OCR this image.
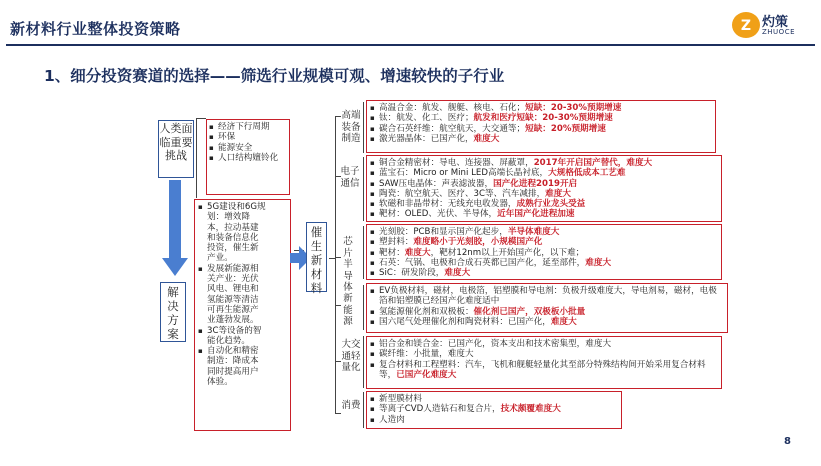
新材料行业整体投资策略	Z 灼策
ZHUOCE
1、细分投资赛道的选择——筛选行业规模可观、增速较快的子行业
人类面临重要挑战
▪ 经济下行周期
▪ 环保
▪ 能源安全
▪ 人口结构嬗铃化
解决方案
▪ 5G建设和6G规划：增效降本，拉动基建和装备信息化投资，催生新产业。
▪ 发展新能源相关产业：光伏风电、锂电和氢能源等清洁可再生能源产业蓬勃发展。
▪ 3C等设备的智能化趋势。
▪ 自动化和精密制造：降成本同时提高用户体验。
催生新材料
高端装备制造
电子通信
芯片半导体
新能源
大交通轻量化
消费
▪ 高温合金：航发、舰艇、核电、石化；短缺：20-30%预期增速
▪ 钛：航发、化工、医疗；航发和医疗短缺：20-30%预期增速
▪ 碳合石英纤维：航空航天，大交通等；短缺：20%预期增速
▪ 激光器晶体：已国产化，难度大
▪ 铜合金精密材：导电、连接器、屏蔽罩，2017年开启国产替代，难度大
▪ 蓝宝石：Micro or Mini LED高端长晶衬底，大规格低成本工艺难
▪ SAW压电晶体：声表滤波器，国产化进程2019开启
▪ 陶瓷：航空航天、医疗、3C等、汽车减排，难度大
▪ 软磁和非晶带材：无线充电收发器，成熟行业龙头受益
▪ 靶材：OLED、光伏、半导体，近年国产化进程加速
▪ 光刻胶：PCB和显示国产化起步，半导体难度大
▪ 塑封料：难度略小于光刻胶，小规模国产化
▪ 靶材：难度大，靶材12nm以上开始国产化，以下难；
▪ 石英：气锅、电极和合成石英都已国产化，延至部件，难度大
▪ SiC：研发阶段，难度大
▪ EV负极材料，磁材，电极箔，铝塑膜和导电剂：负极升级难度大，导电剂易，磁材，电极箔和铝塑膜已经国产化难度适中
▪ 氢能源催化剂和双极板：催化剂已国产，双极板小批量
▪ 国六尾气处理催化剂和陶瓷材料：已国产化，难度大
▪ 铝合金和镁合金：已国产化，资本支出和技术密集型，难度大
▪ 碳纤维：小批量，难度大
▪ 复合材料和工程塑料：汽车，飞机和舰艇轻量化其至部分特殊结构间开始采用复合材料等，已国产化难度大
▪ 新型膜材料
▪ 等离子CVD人造钻石和复合片，技术颇覆难度大
▪ 人造肉
8
